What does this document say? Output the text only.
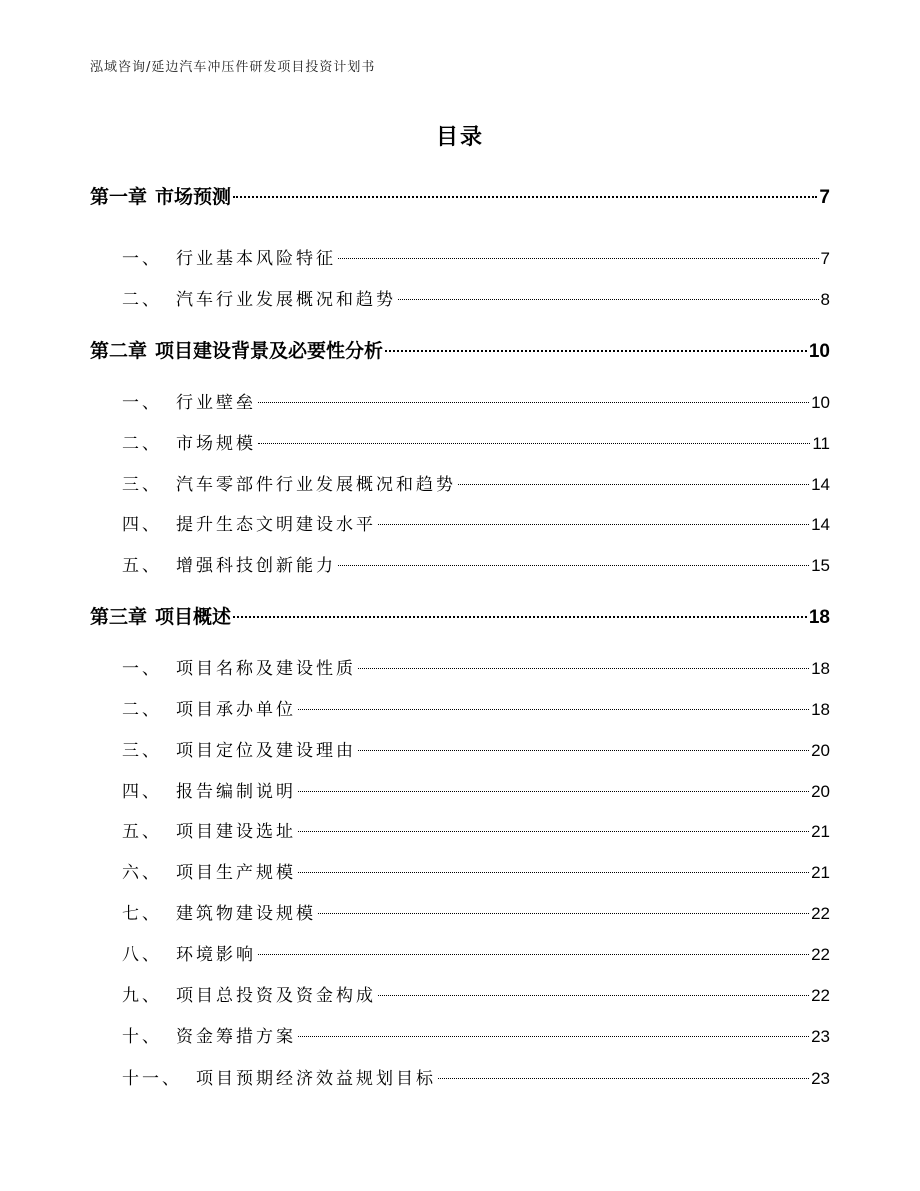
泓域咨询/延边汽车冲压件研发项目投资计划书
目录
第一章 市场预测	7
一、 行业基本风险特征	7
二、 汽车行业发展概况和趋势	8
第二章 项目建设背景及必要性分析	10
一、 行业壁垒	10
二、 市场规模	11
三、 汽车零部件行业发展概况和趋势	14
四、 提升生态文明建设水平	14
五、 增强科技创新能力	15
第三章 项目概述	18
一、 项目名称及建设性质	18
二、 项目承办单位	18
三、 项目定位及建设理由	20
四、 报告编制说明	20
五、 项目建设选址	21
六、 项目生产规模	21
七、 建筑物建设规模	22
八、 环境影响	22
九、 项目总投资及资金构成	22
十、 资金筹措方案	23
十一、 项目预期经济效益规划目标	23
